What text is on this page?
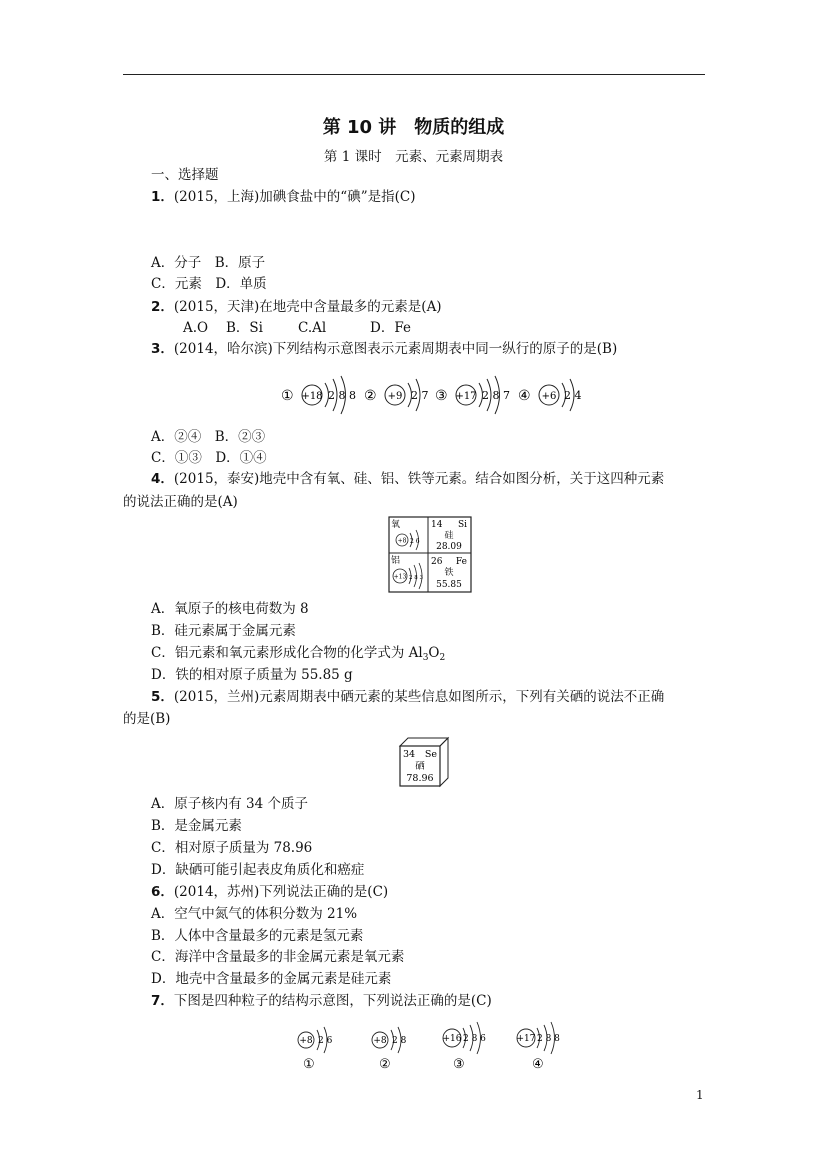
第 10 讲　物质的组成
第 1 课时　元素、元素周期表
一、选择题
1．(2015，上海)加碘食盐中的“碘”是指(C)
A．分子　B．原子
C．元素　D．单质
2．(2015，天津)在地壳中含量最多的元素是(A)
A.O B．Si	C.Al	D．Fe
3．(2014，哈尔滨)下列结构示意图表示元素周期表中同一纵行的原子的是(B)
① +18 2 8 8 ② +9 2 7 ③ +17 2 8 7 ④ +6 2 4
A．②④　B．②③
C．①③　D．①④
4．(2015，泰安)地壳中含有氧、硅、铝、铁等元素。结合如图分析，关于这四种元素
的说法正确的是(A)
氧
+8 2 6
14 Si
硅
28.09
铝
+13 2 8 3
26 Fe
铁
55.85
A．氧原子的核电荷数为 8
B．硅元素属于金属元素
C．铝元素和氧元素形成化合物的化学式为 $Al_3O_2$
D．铁的相对原子质量为 55.85 g
5．(2015，兰州)元素周期表中硒元素的某些信息如图所示，下列有关硒的说法不正确
的是(B)
34 Se
硒
78.96
A．原子核内有 34 个质子
B．是金属元素
C．相对原子质量为 78.96
D．缺硒可能引起表皮角质化和癌症
6．(2014，苏州)下列说法正确的是(C)
A．空气中氮气的体积分数为 21%
B．人体中含量最多的元素是氢元素
C．海洋中含量最多的非金属元素是氧元素
D．地壳中含量最多的金属元素是硅元素
7．下图是四种粒子的结构示意图，下列说法正确的是(C)
+8 2 6
①
+8 2 8
②
+16 2 8 6
③
+17 2 8 8
④
1
